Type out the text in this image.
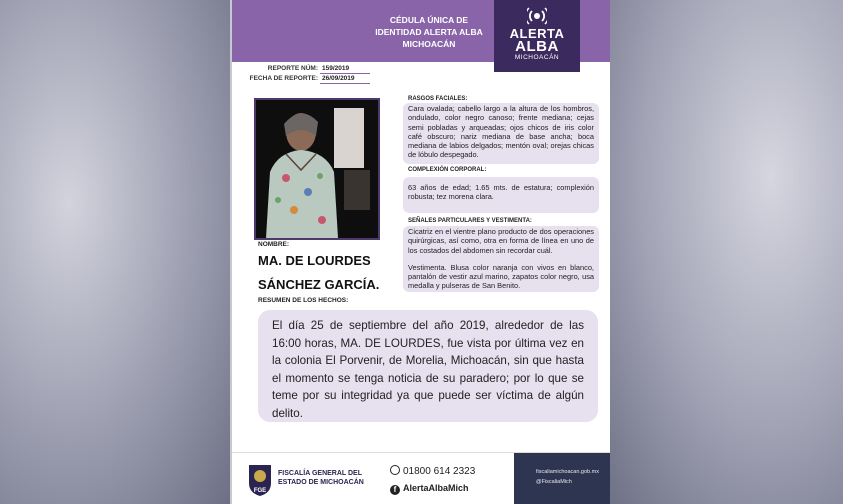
CÉDULA ÚNICA DE
IDENTIDAD ALERTA ALBA
MICHOACÁN
ALERTA
ALBA
MICHOACÁN
REPORTE NÚM: 159/2019
FECHA DE REPORTE: 26/09/2019
NOMBRE:
MA. DE LOURDES
SÁNCHEZ GARCÍA.
RASGOS FACIALES:
Cara ovalada; cabello largo a la altura de los hombros, ondulado, color negro canoso; frente mediana; cejas semi pobladas y arqueadas; ojos chicos de iris color café obscuro; nariz mediana de base ancha; boca mediana de labios delgados; mentón oval; orejas chicas de lóbulo despegado.
COMPLEXIÓN CORPORAL:
63 años de edad; 1.65 mts. de estatura; complexión robusta; tez morena clara.
SEÑALES PARTICULARES Y VESTIMENTA:
Cicatriz en el vientre plano producto de dos operaciones quirúrgicas, así como, otra en forma de línea en uno de los costados del abdomen sin recordar cuál.
Vestimenta. Blusa color naranja con vivos en blanco, pantalón de vestir azul marino, zapatos color negro, usa medalla y pulseras de San Benito.
RESUMEN DE LOS HECHOS:
El día 25 de septiembre del año 2019, alrededor de las 16:00 horas, MA. DE LOURDES, fue vista por última vez en la colonia El Porvenir, de Morelia, Michoacán, sin que hasta el momento se tenga noticia de su paradero; por lo que se teme por su integridad ya que puede ser víctima de algún delito.
FGE
FISCALÍA GENERAL DEL
ESTADO DE MICHOACÁN
01800 614 2323
f AlertaAlbaMich
fiscaliamichoacan.gob.mx
@FiscaliaMich
